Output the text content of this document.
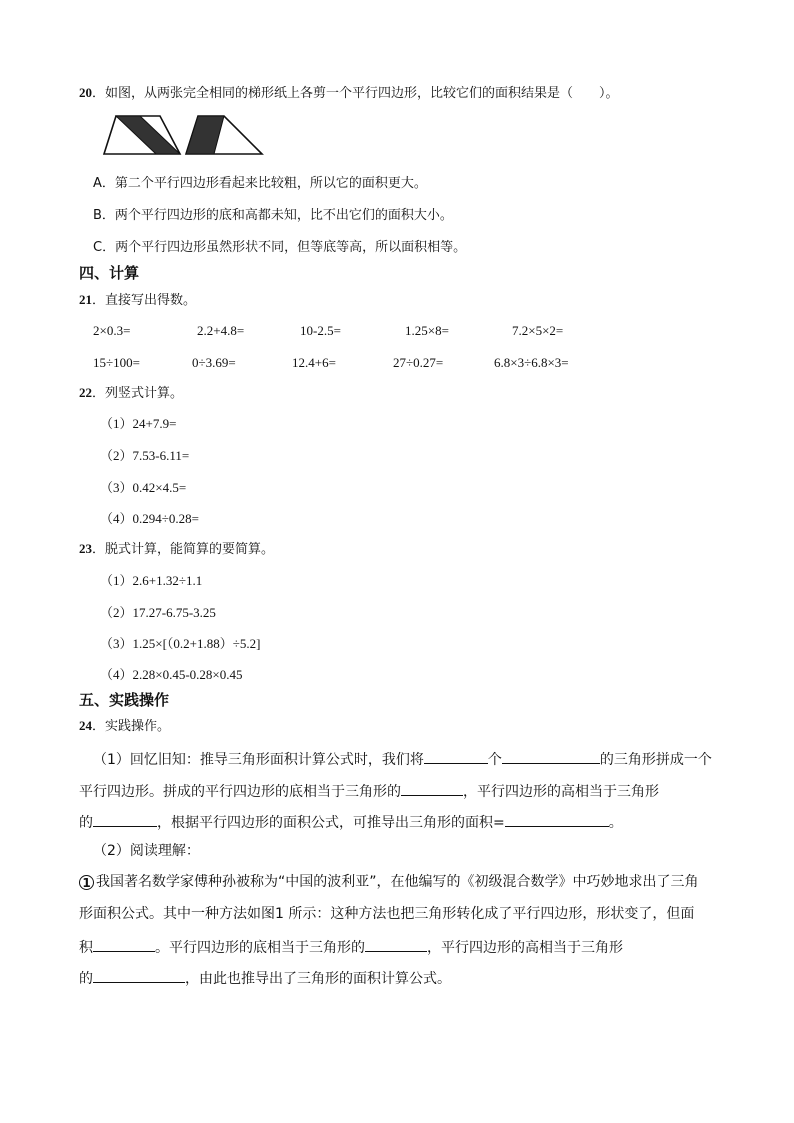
20．如图，从两张完全相同的梯形纸上各剪一个平行四边形，比较它们的面积结果是（　　）。
A．第二个平行四边形看起来比较粗，所以它的面积更大。
B．两个平行四边形的底和高都未知，比不出它们的面积大小。
C．两个平行四边形虽然形状不同，但等底等高，所以面积相等。
四、计算
21．直接写出得数。
2×0.3=	2.2+4.8=	10-2.5=	1.25×8=	7.2×5×2=
15÷100=	0÷3.69=	12.4+6=	27÷0.27=	6.8×3÷6.8×3=
22．列竖式计算。
（1）24+7.9=
（2）7.53-6.11=
（3）0.42×4.5=
（4）0.294÷0.28=
23．脱式计算，能简算的要简算。
（1）2.6+1.32÷1.1
（2）17.27-6.75-3.25
（3）1.25×[（0.2+1.88）÷5.2]
（4）2.28×0.45-0.28×0.45
五、实践操作
24．实践操作。
（1）回忆旧知：推导三角形面积计算公式时，我们将	个	的三角形拼成一个
平行四边形。拼成的平行四边形的底相当于三角形的	，平行四边形的高相当于三角形
的	，根据平行四边形的面积公式，可推导出三角形的面积=	。
（2）阅读理解：
1 我国著名数学家傅种孙被称为“中国的波利亚”，在他编写的《初级混合数学》中巧妙地求出了三角
形面积公式。其中一种方法如图1 所示：这种方法也把三角形转化成了平行四边形，形状变了，但面
积	。平行四边形的底相当于三角形的	，平行四边形的高相当于三角形
的	，由此也推导出了三角形的面积计算公式。
